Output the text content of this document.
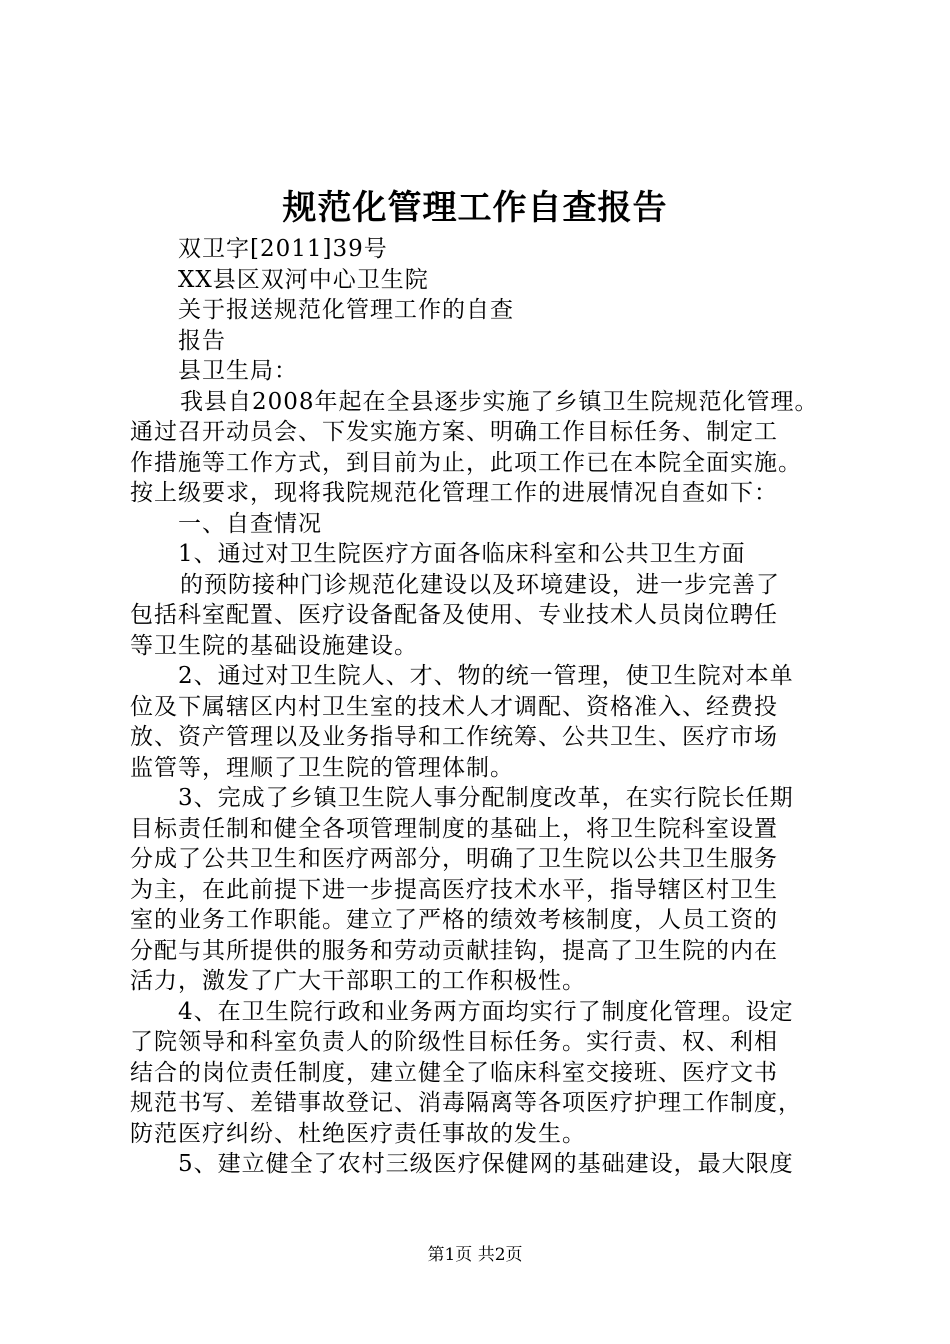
规范化管理工作自查报告
双卫字[2011]39号
XX县区双河中心卫生院
关于报送规范化管理工作的自查
报告
县卫生局：
我县自2008年起在全县逐步实施了乡镇卫生院规范化管理。
通过召开动员会、下发实施方案、明确工作目标任务、制定工
作措施等工作方式，到目前为止，此项工作已在本院全面实施。
按上级要求，现将我院规范化管理工作的进展情况自查如下：
一、自查情况
1、通过对卫生院医疗方面各临床科室和公共卫生方面
的预防接种门诊规范化建设以及环境建设，进一步完善了
包括科室配置、医疗设备配备及使用、专业技术人员岗位聘任
等卫生院的基础设施建设。
2、通过对卫生院人、才、物的统一管理，使卫生院对本单
位及下属辖区内村卫生室的技术人才调配、资格准入、经费投
放、资产管理以及业务指导和工作统筹、公共卫生、医疗市场
监管等，理顺了卫生院的管理体制。
3、完成了乡镇卫生院人事分配制度改革，在实行院长任期
目标责任制和健全各项管理制度的基础上，将卫生院科室设置
分成了公共卫生和医疗两部分，明确了卫生院以公共卫生服务
为主，在此前提下进一步提高医疗技术水平，指导辖区村卫生
室的业务工作职能。建立了严格的绩效考核制度，人员工资的
分配与其所提供的服务和劳动贡献挂钩，提高了卫生院的内在
活力，激发了广大干部职工的工作积极性。
4、在卫生院行政和业务两方面均实行了制度化管理。设定
了院领导和科室负责人的阶级性目标任务。实行责、权、利相
结合的岗位责任制度，建立健全了临床科室交接班、医疗文书
规范书写、差错事故登记、消毒隔离等各项医疗护理工作制度，
防范医疗纠纷、杜绝医疗责任事故的发生。
5、建立健全了农村三级医疗保健网的基础建设，最大限度
第1页 共2页
